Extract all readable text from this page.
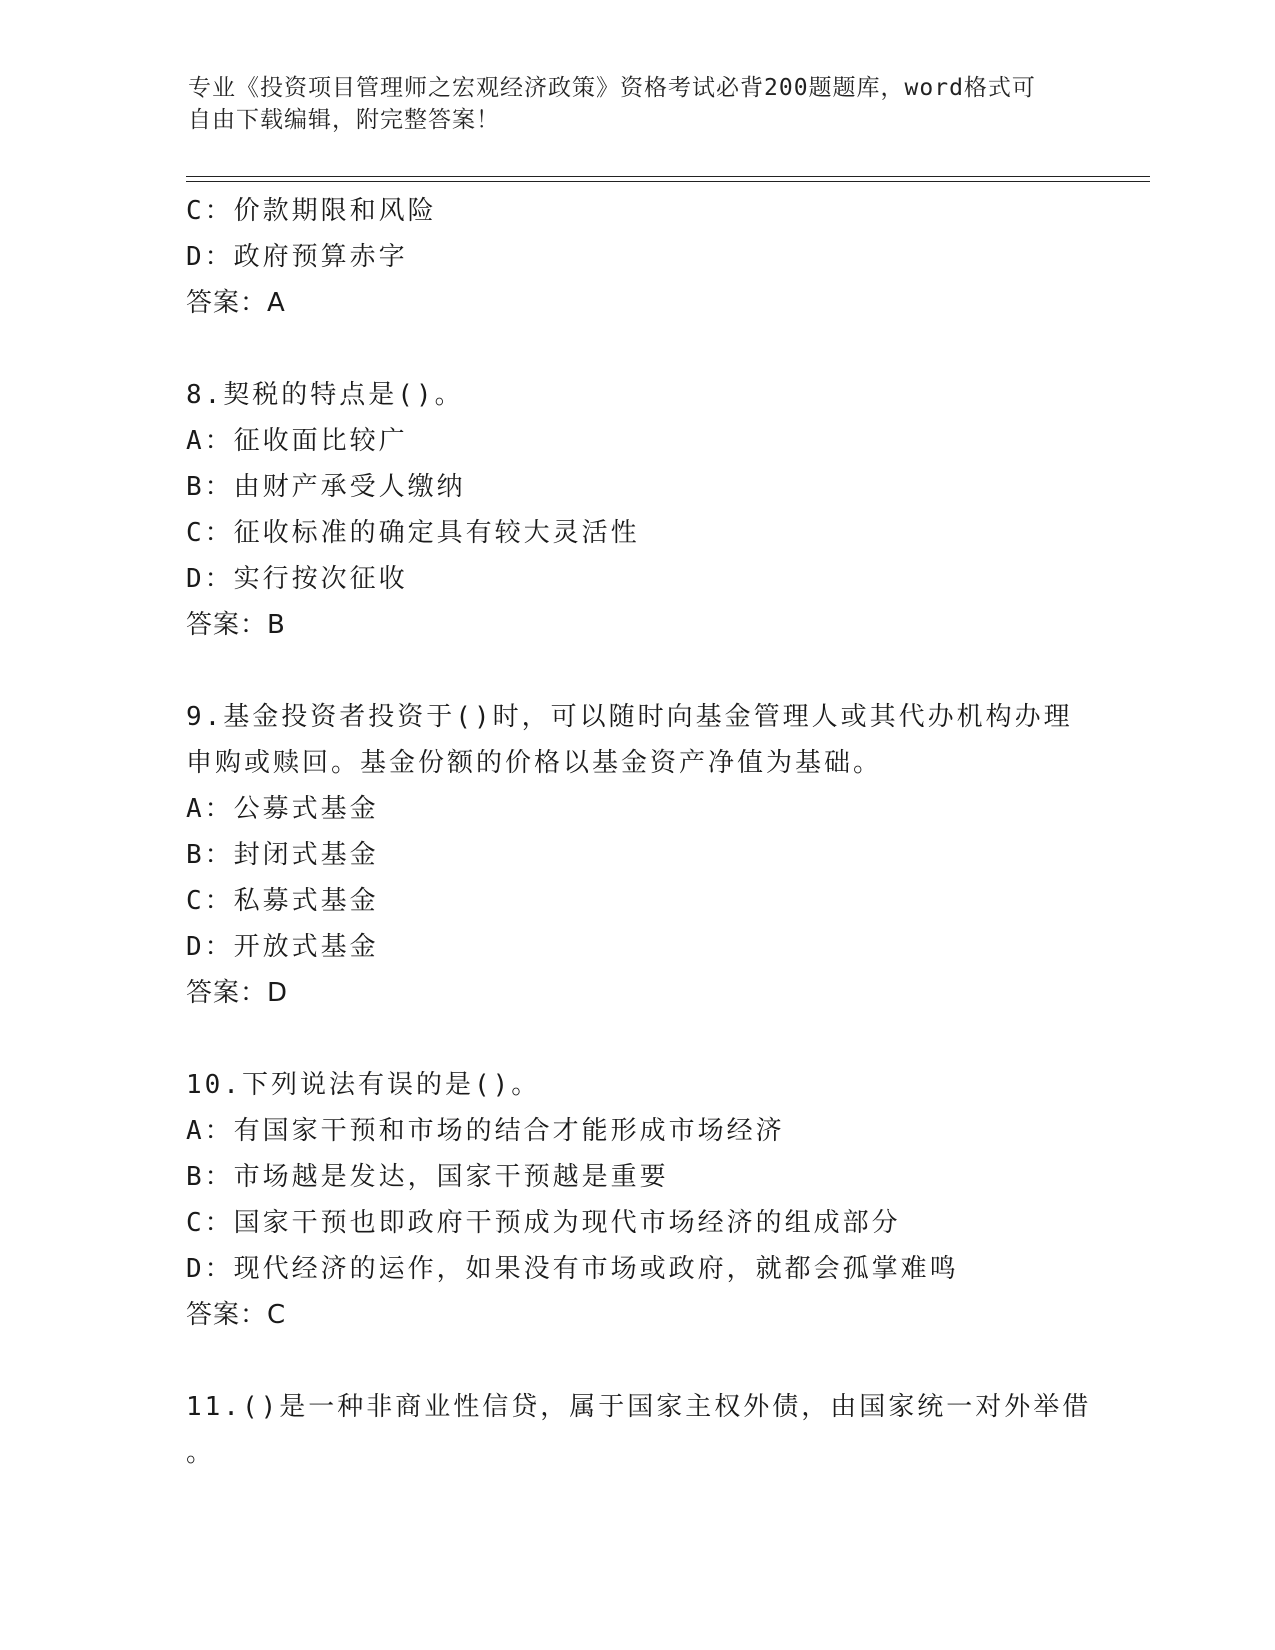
专业《投资项目管理师之宏观经济政策》资格考试必背200题题库，word格式可
自由下载编辑，附完整答案！
C：价款期限和风险
D：政府预算赤字
答案：A
8.契税的特点是()。
A：征收面比较广
B：由财产承受人缴纳
C：征收标准的确定具有较大灵活性
D：实行按次征收
答案：B
9.基金投资者投资于()时，可以随时向基金管理人或其代办机构办理
申购或赎回。基金份额的价格以基金资产净值为基础。
A：公募式基金
B：封闭式基金
C：私募式基金
D：开放式基金
答案：D
10.下列说法有误的是()。
A：有国家干预和市场的结合才能形成市场经济
B：市场越是发达，国家干预越是重要
C：国家干预也即政府干预成为现代市场经济的组成部分
D：现代经济的运作，如果没有市场或政府，就都会孤掌难鸣
答案：C
11.()是一种非商业性信贷，属于国家主权外债，由国家统一对外举借
。
